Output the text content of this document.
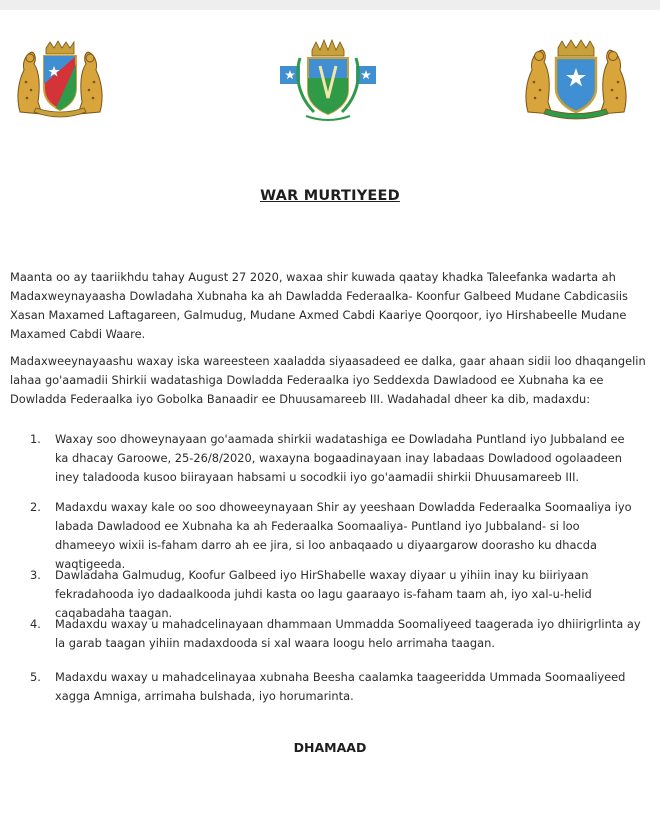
WAR MURTIYEED

Maanta oo ay taariikhdu tahay August 27 2020, waxaa shir kuwada qaatay khadka Taleefanka wadarta ah Madaxweynayaasha Dowladaha Xubnaha ka ah Dawladda Federaalka- Koonfur Galbeed Mudane Cabdicasiis Xasan Maxamed Laftagareen, Galmudug, Mudane Axmed Cabdi Kaariye Qoorqoor, iyo Hirshabeelle Mudane Maxamed Cabdi Waare.

Madaxweeynayaashu waxay iska wareesteen xaaladda siyaasadeed ee dalka, gaar ahaan sidii loo dhaqangelin lahaa go'aamadii Shirkii wadatashiga Dowladda Federaalka iyo Seddexda Dawladood ee Xubnaha ka ee Dowladda Federaalka iyo Gobolka Banaadir ee Dhuusamareeb III. Wadahadal dheer ka dib, madaxdu:

1.	Waxay soo dhoweynayaan go'aamada shirkii wadatashiga ee Dowladaha Puntland iyo Jubbaland ee ka dhacay Garoowe, 25-26/8/2020, waxayna bogaadinayaan inay labadaas Dowladood ogolaadeen iney taladooda kusoo biirayaan habsami u socodkii iyo go'aamadii shirkii Dhuusamareeb III.
2.	Madaxdu waxay kale oo soo dhoweeynayaan Shir ay yeeshaan Dowladda Federaalka Soomaaliya iyo labada Dawladood ee Xubnaha ka ah Federaalka Soomaaliya- Puntland iyo Jubbaland- si loo dhameeyo wixii is-faham darro ah ee jira, si loo anbaqaado u diyaargarow doorasho ku dhacda waqtigeeda.
3.	Dawladaha Galmudug, Koofur Galbeed iyo HirShabelle waxay diyaar u yihiin inay ku biiriyaan fekradahooda iyo dadaalkooda juhdi kasta oo lagu gaaraayo is-faham taam ah, iyo xal-u-helid caqabadaha taagan.
4.	Madaxdu waxay u mahadcelinayaan dhammaan Ummadda Soomaliyeed taagerada iyo dhiirigrlinta ay la garab taagan yihiin madaxdooda si xal waara loogu helo arrimaha taagan.
5.	Madaxdu waxay u mahadcelinayaa xubnaha Beesha caalamka taageeridda Ummada Soomaaliyeed xagga Amniga, arrimaha bulshada, iyo horumarinta.
DHAMAAD
